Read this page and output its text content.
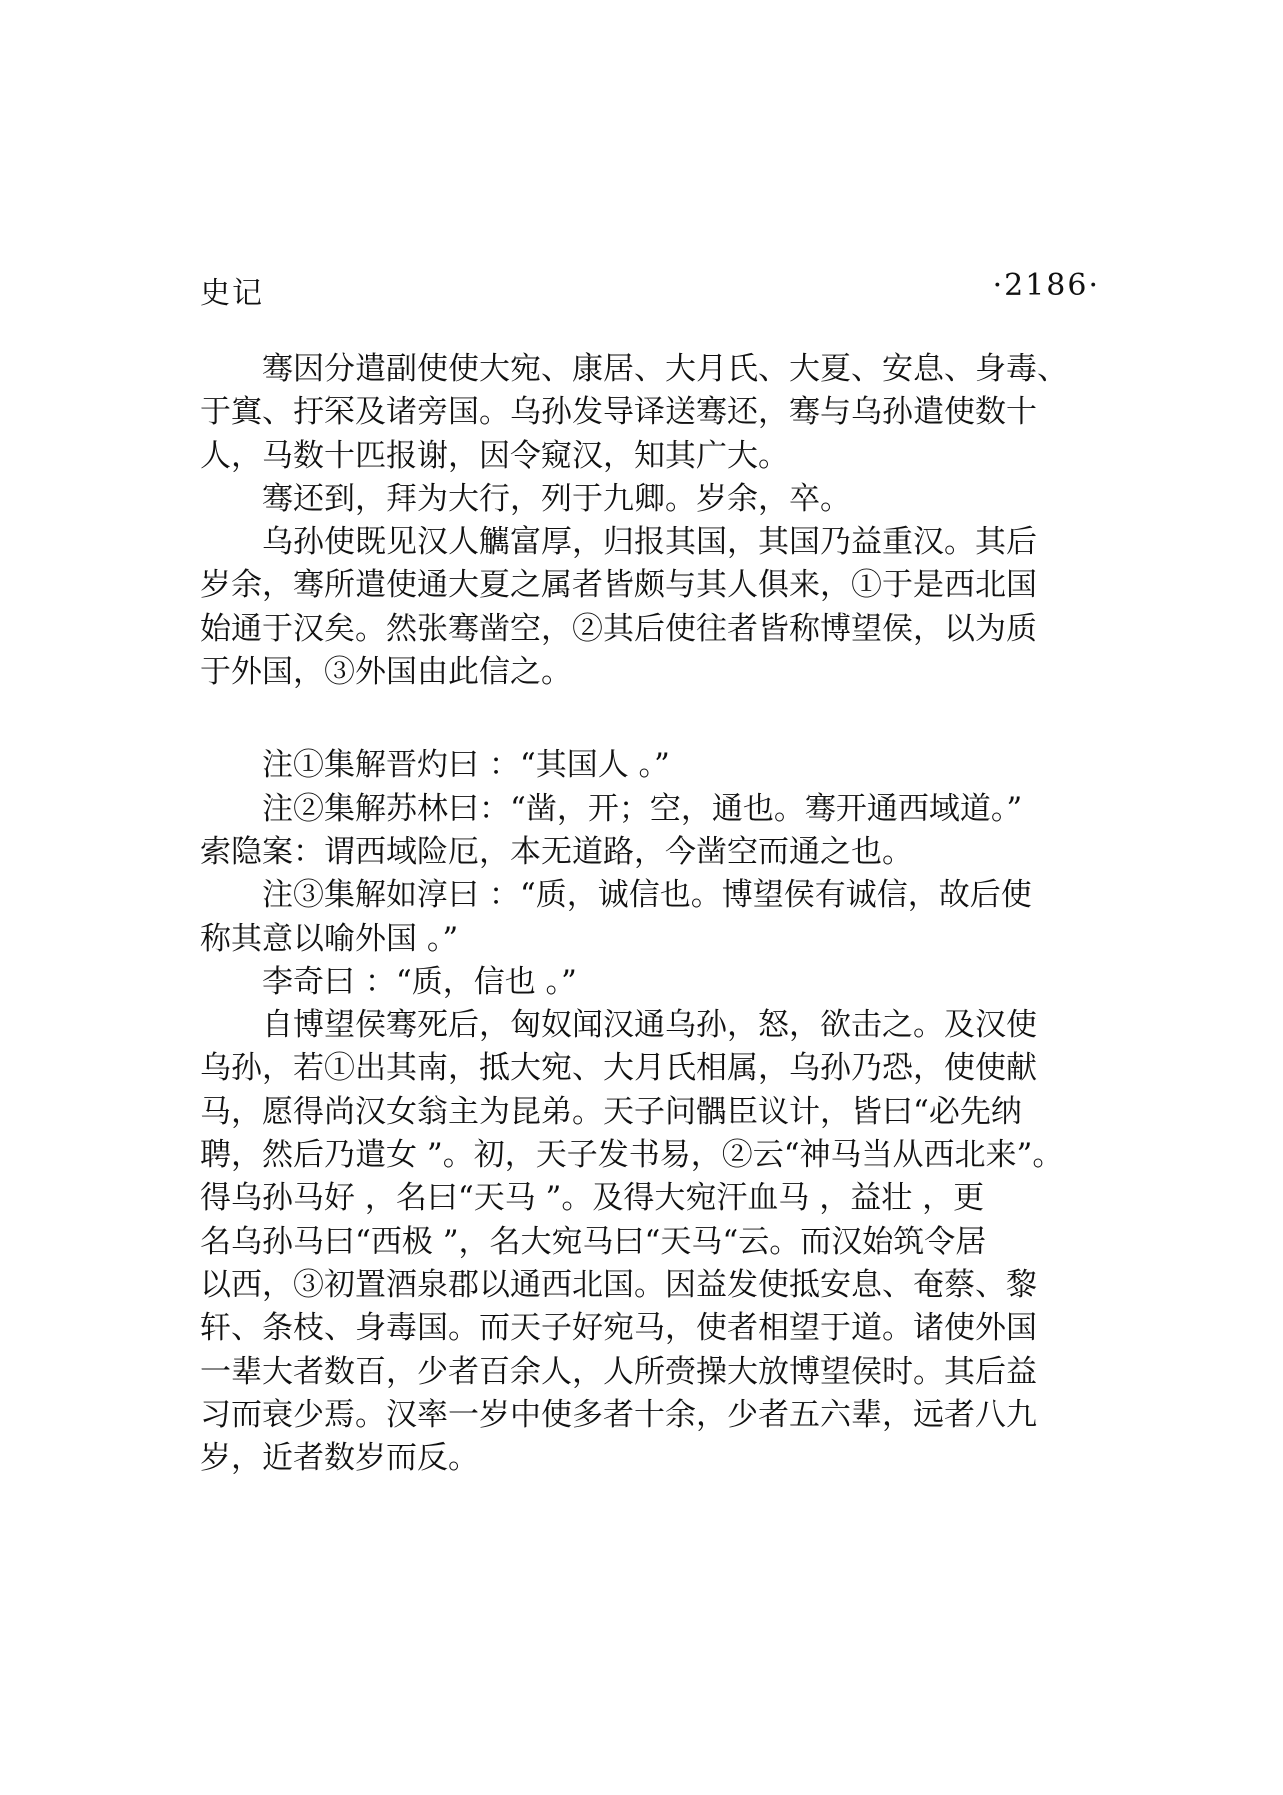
史记	·2186·

骞因分遣副使使大宛、康居、大月氏、大夏、安息、身毒、
于窴、扜罙及诸旁国。乌孙发导译送骞还，骞与乌孙遣使数十
人，马数十匹报谢，因令窥汉，知其广大。

骞还到，拜为大行，列于九卿。岁余，卒。

乌孙使既见汉人觽富厚，归报其国，其国乃益重汉。其后
岁余，骞所遣使通大夏之属者皆颇与其人俱来，①于是西北国
始通于汉矣。然张骞凿空，②其后使往者皆称博望侯，以为质
于外国，③外国由此信之。

注①集解晋灼曰 ：“其国人 。”

注②集解苏林曰：“凿，开；空，通也。骞开通西域道。”
索隐案：谓西域险厄，本无道路，今凿空而通之也。

注③集解如淳曰 ：“质，诚信也。博望侯有诚信，故后使
称其意以喻外国 。”

李奇曰 ：“质，信也 。”

自博望侯骞死后，匈奴闻汉通乌孙，怒，欲击之。及汉使
乌孙，若①出其南，抵大宛、大月氏相属，乌孙乃恐，使使献
马，愿得尚汉女翁主为昆弟。天子问髃臣议计，皆曰“必先纳
聘，然后乃遣女 ”。初，天子发书易，②云“神马当从西北来”。
得乌孙马好 ，名曰“天马 ”。及得大宛汗血马 ，益壮 ，更
名乌孙马曰“西极 ”，名大宛马曰“天马“云。而汉始筑令居
以西，③初置酒泉郡以通西北国。因益发使抵安息、奄蔡、黎
轩、条枝、身毒国。而天子好宛马，使者相望于道。诸使外国
一辈大者数百，少者百余人，人所赍操大放博望侯时。其后益
习而衰少焉。汉率一岁中使多者十余，少者五六辈，远者八九
岁，近者数岁而反。
